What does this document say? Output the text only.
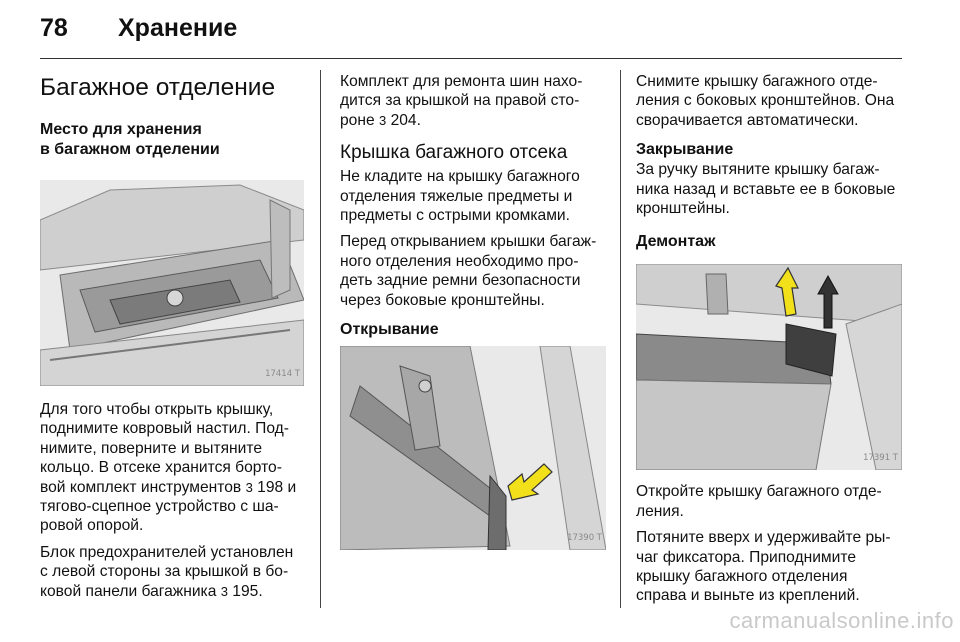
78 Хранение
Багажное отделение
Место для хранения
в багажном отделении
17414 T

Для того чтобы открыть крышку, поднимите ковровый настил. Под-нимите, поверните и вытяните кольцо. В отсеке хранится борто-вой комплект инструментов 3 198 и тягово-сцепное устройство с ша-ровой опорой.

Блок предохранителей установлен с левой стороны за крышкой в бо-ковой панели багажника 3 195.

Комплект для ремонта шин нахо-дится за крышкой на правой сто-роне 3 204.

Крышка багажного отсека

Не кладите на крышку багажного отделения тяжелые предметы и предметы с острыми кромками.

Перед открыванием крышки багаж-ного отделения необходимо про-деть задние ремни безопасности через боковые кронштейны.

Открывание
17390 T

Снимите крышку багажного отде-ления с боковых кронштейнов. Она сворачивается автоматически.

Закрывание

За ручку вытяните крышку багаж-ника назад и вставьте ее в боковые кронштейны.

Демонтаж
17391 T

Откройте крышку багажного отде-ления.

Потяните вверх и удерживайте ры-чаг фиксатора. Приподнимите крышку багажного отделения справа и выньте из креплений.

carmanualsonline.info
